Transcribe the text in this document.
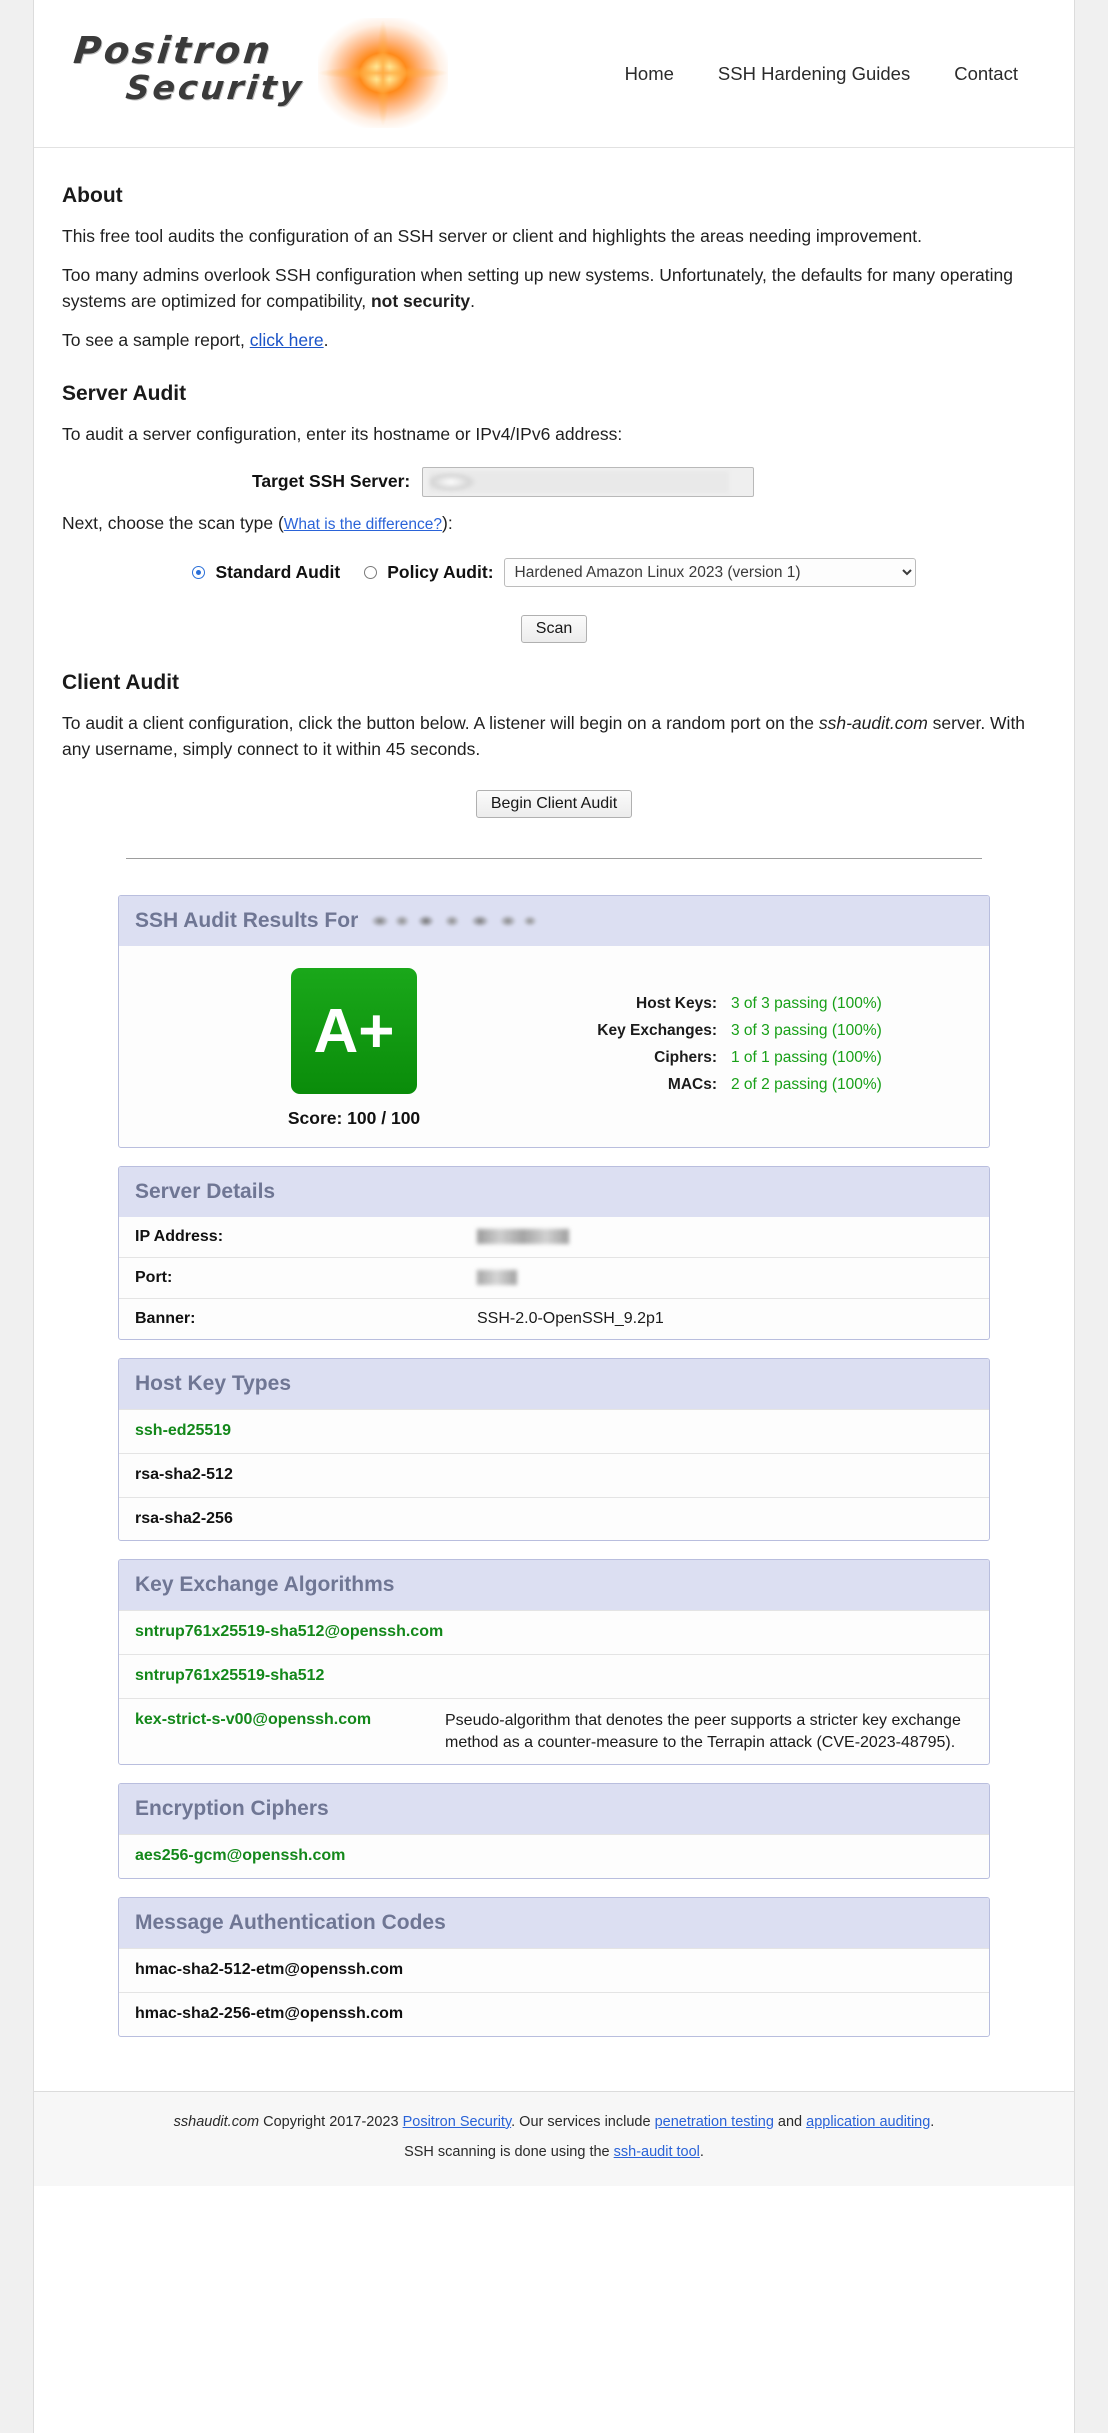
Positron
Security	Home SSH Hardening Guides Contact
About

This free tool audits the configuration of an SSH server or client and highlights the areas needing improvement.

Too many admins overlook SSH configuration when setting up new systems. Unfortunately, the defaults for many operating systems are optimized for compatibility, not security.

To see a sample report, click here.

Server Audit

To audit a server configuration, enter its hostname or IPv4/IPv6 address:

Target SSH Server:

Next, choose the scan type (What is the difference?):

Standard Audit	Policy Audit:
Hardened Amazon Linux 2023 (version 1)
Scan
Client Audit

To audit a client configuration, click the button below. A listener will begin on a random port on the ssh-audit.com server. With any username, simply connect to it within 45 seconds.

Begin Client Audit
SSH Audit Results For
A+
Score: 100 / 100
Host Keys: 3 of 3 passing (100%)
Key Exchanges: 3 of 3 passing (100%)
Ciphers: 1 of 1 passing (100%)
MACs: 2 of 2 passing (100%)
Server Details
IP Address:	
Port:	
Banner:	SSH-2.0-OpenSSH_9.2p1
Host Key Types
ssh-ed25519
rsa-sha2-512
rsa-sha2-256
Key Exchange Algorithms
sntrup761x25519-sha512@openssh.com
sntrup761x25519-sha512
kex-strict-s-v00@openssh.com	Pseudo-algorithm that denotes the peer supports a stricter key exchange method as a counter-measure to the Terrapin attack (CVE-2023-48795).
Encryption Ciphers
aes256-gcm@openssh.com
Message Authentication Codes
hmac-sha2-512-etm@openssh.com
hmac-sha2-256-etm@openssh.com
sshaudit.com Copyright 2017-2023 Positron Security. Our services include penetration testing and application auditing.
SSH scanning is done using the ssh-audit tool.
